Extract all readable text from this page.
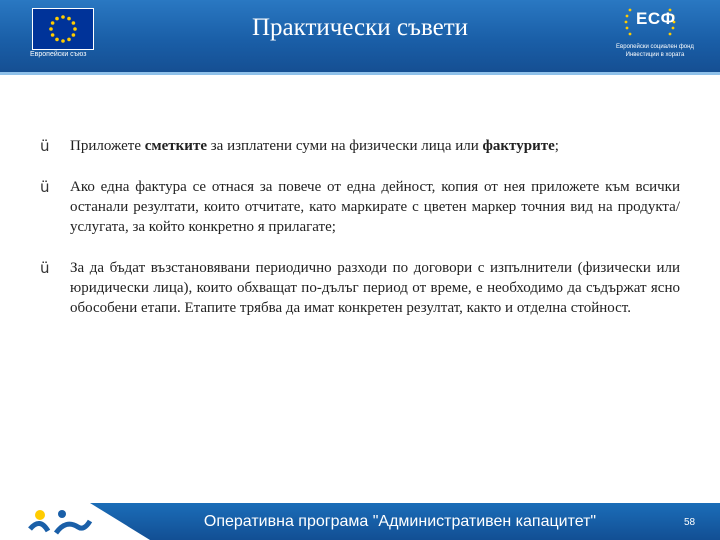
Европейски съюз
Практически съвети	ЕСФ
Европейски социален фонд Инвестиции в хората
ü	Приложете сметките за изплатени суми на физически лица или фактурите;
ü	Ако една фактура се отнася за повече от една дейност, копия от нея приложете към всички останали резултати, които отчитате, като маркирате с цветен маркер точния вид на продукта/услугата, за който конкретно я прилагате;
ü	За да бъдат възстановявани периодично разходи по договори с изпълнители (физически или юридически лица), които обхващат по-дълъг период от време, е необходимо да съдържат ясно обособени етапи. Етапите трябва да имат конкретен резултат, както и отделна стойност.
Оперативна програма "Административен капацитет"	58
